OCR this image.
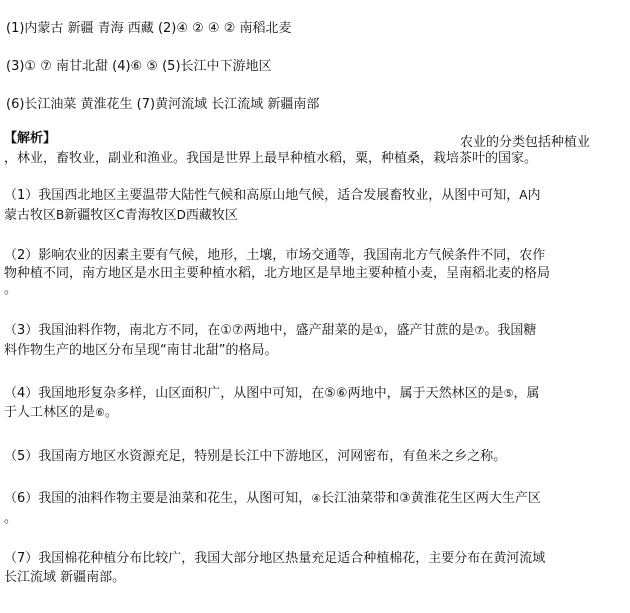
(1)内蒙古 新疆 青海 西藏 (2)④ ② ④ ② 南稻北麦
(3)① ⑦ 南甘北甜 (4)⑥ ⑤ (5)长江中下游地区
(6)长江油菜 黄淮花生 (7)黄河流域 长江流域 新疆南部
【解析】	农业的分类包括种植业
，林业，畜牧业，副业和渔业。我国是世界上最早种植水稻，粟，种植桑，栽培茶叶的国家。
（1）我国西北地区主要温带大陆性气候和高原山地气候，适合发展畜牧业，从图中可知，A内
蒙古牧区B新疆牧区C青海牧区D西藏牧区
（2）影响农业的因素主要有气候，地形，土壤，市场交通等，我国南北方气候条件不同，农作
物种植不同，南方地区是水田主要种植水稻，北方地区是旱地主要种植小麦，呈南稻北麦的格局
。
（3）我国油料作物，南北方不同，在①⑦两地中，盛产甜菜的是①，盛产甘蔗的是⑦。我国糖
料作物生产的地区分布呈现“南甘北甜”的格局。
（4）我国地形复杂多样，山区面积广，从图中可知，在⑤⑥两地中，属于天然林区的是⑤，属
于人工林区的是⑥。
（5）我国南方地区水资源充足，特别是长江中下游地区，河网密布，有鱼米之乡之称。
（6）我国的油料作物主要是油菜和花生，从图可知，④长江油菜带和③黄淮花生区两大生产区
。
（7）我国棉花种植分布比较广，我国大部分地区热量充足适合种植棉花，主要分布在黄河流域
长江流域 新疆南部。
